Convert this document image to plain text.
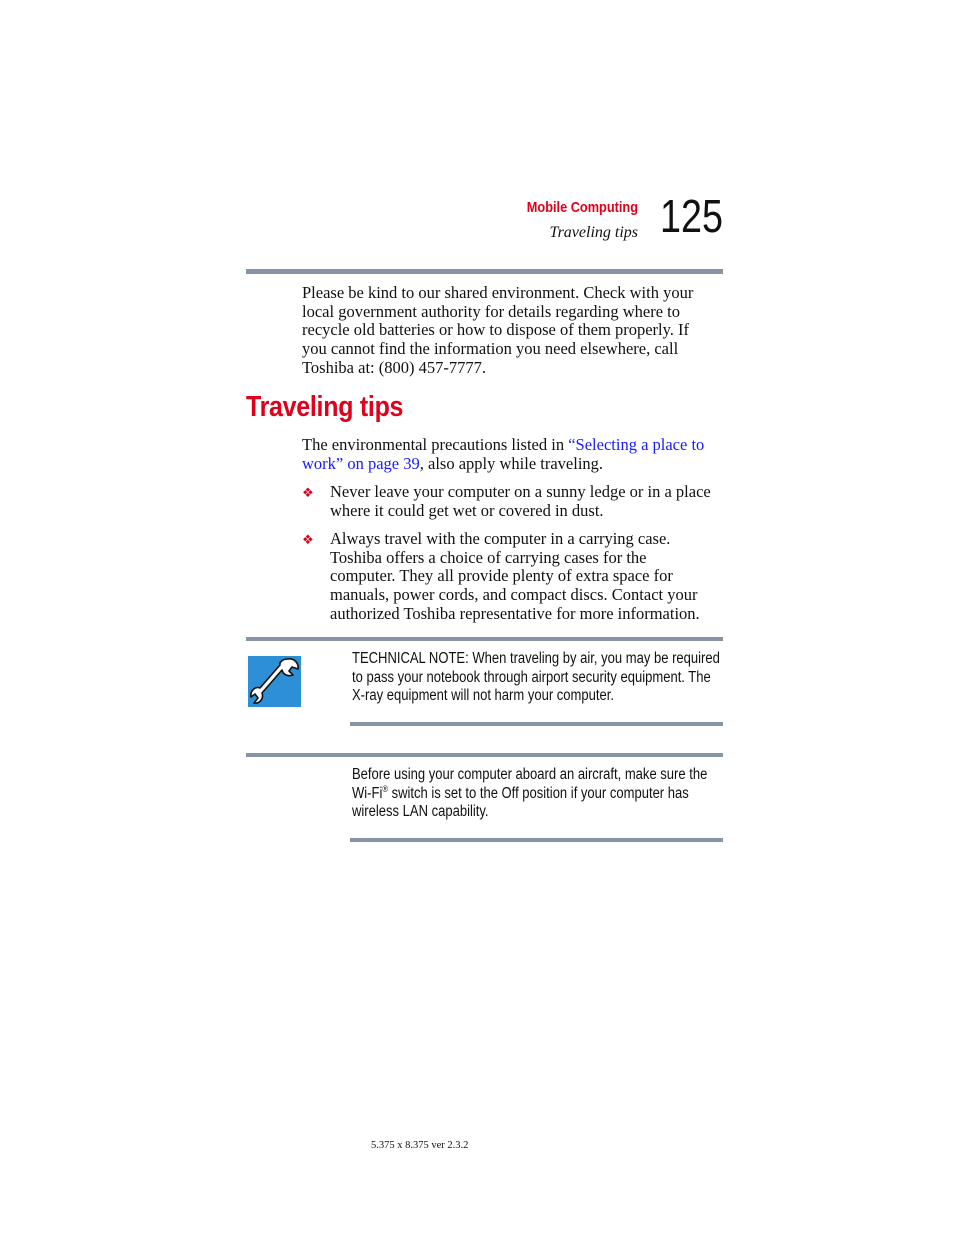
Mobile Computing
Traveling tips 125
Please be kind to our shared environment. Check with your
local government authority for details regarding where to
recycle old batteries or how to dispose of them properly. If
you cannot find the information you need elsewhere, call
Toshiba at: (800) 457-7777.
Traveling tips
The environmental precautions listed in “Selecting a place to
work” on page 39, also apply while traveling.
❖ Never leave your computer on a sunny ledge or in a place
where it could get wet or covered in dust.
❖ Always travel with the computer in a carrying case.
Toshiba offers a choice of carrying cases for the
computer. They all provide plenty of extra space for
manuals, power cords, and compact discs. Contact your
authorized Toshiba representative for more information.
TECHNICAL NOTE: When traveling by air, you may be required
to pass your notebook through airport security equipment. The
X-ray equipment will not harm your computer.
Before using your computer aboard an aircraft, make sure the
Wi-Fi® switch is set to the Off position if your computer has
wireless LAN capability.
5.375 x 8.375 ver 2.3.2
